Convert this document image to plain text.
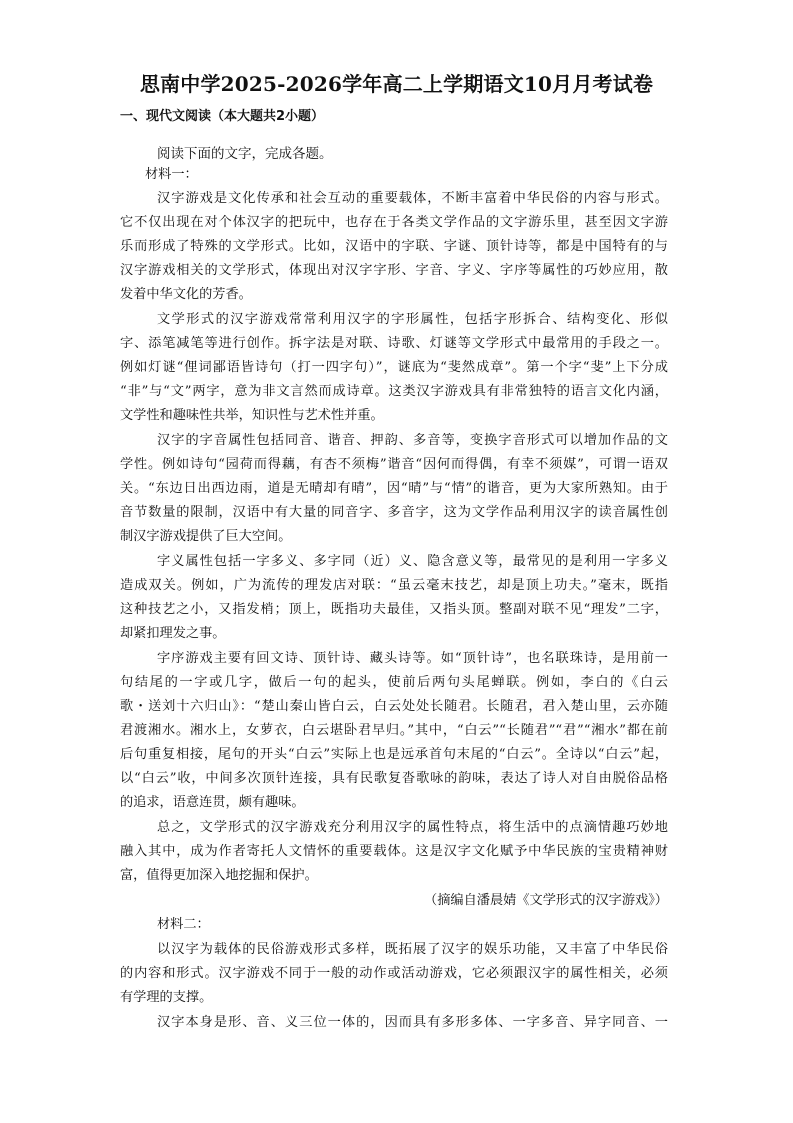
思南中学2025-2026学年高二上学期语文10月月考试卷
一、现代文阅读（本大题共2小题）
阅读下面的文字，完成各题。
材料一：
汉字游戏是文化传承和社会互动的重要载体，不断丰富着中华民俗的内容与形式。
它不仅出现在对个体汉字的把玩中，也存在于各类文学作品的文字游乐里，甚至因文字游
乐而形成了特殊的文学形式。比如，汉语中的字联、字谜、顶针诗等，都是中国特有的与
汉字游戏相关的文学形式，体现出对汉字字形、字音、字义、字序等属性的巧妙应用，散
发着中华文化的芳香。
文学形式的汉字游戏常常利用汉字的字形属性，包括字形拆合、结构变化、形似
字、添笔减笔等进行创作。拆字法是对联、诗歌、灯谜等文学形式中最常用的手段之一。
例如灯谜“俚词鄙语皆诗句（打一四字句）”，谜底为“斐然成章”。第一个字“斐”上下分成
“非”与“文”两字，意为非文言然而成诗章。这类汉字游戏具有非常独特的语言文化内涵，
文学性和趣味性共举，知识性与艺术性并重。
汉字的字音属性包括同音、谐音、押韵、多音等，变换字音形式可以增加作品的文
学性。例如诗句“园荷而得藕，有杏不须梅”谐音“因何而得偶，有幸不须媒”，可谓一语双
关。“东边日出西边雨，道是无晴却有晴”，因“晴”与“情”的谐音，更为大家所熟知。由于
音节数量的限制，汉语中有大量的同音字、多音字，这为文学作品利用汉字的读音属性创
制汉字游戏提供了巨大空间。
字义属性包括一字多义、多字同（近）义、隐含意义等，最常见的是利用一字多义
造成双关。例如，广为流传的理发店对联：“虽云毫末技艺，却是顶上功夫。”毫末，既指
这种技艺之小，又指发梢；顶上，既指功夫最佳，又指头顶。整副对联不见“理发”二字，
却紧扣理发之事。
字序游戏主要有回文诗、顶针诗、藏头诗等。如“顶针诗”，也名联珠诗，是用前一
句结尾的一字或几字，做后一句的起头，使前后两句头尾蝉联。例如，李白的《白云
歌・送刘十六归山》：“楚山秦山皆白云，白云处处长随君。长随君，君入楚山里，云亦随
君渡湘水。湘水上，女萝衣，白云堪卧君早归。”其中，“白云”“长随君”“君”“湘水”都在前
后句重复相接，尾句的开头“白云”实际上也是远承首句末尾的“白云”。全诗以“白云”起，
以“白云”收，中间多次顶针连接，具有民歌复沓歌咏的韵味，表达了诗人对自由脱俗品格
的追求，语意连贯，颇有趣味。
总之，文学形式的汉字游戏充分利用汉字的属性特点，将生活中的点滴情趣巧妙地
融入其中，成为作者寄托人文情怀的重要载体。这是汉字文化赋予中华民族的宝贵精神财
富，值得更加深入地挖掘和保护。
（摘编自潘晨婧《文学形式的汉字游戏》）
材料二：
以汉字为载体的民俗游戏形式多样，既拓展了汉字的娱乐功能，又丰富了中华民俗
的内容和形式。汉字游戏不同于一般的动作或活动游戏，它必须跟汉字的属性相关，必须
有学理的支撑。
汉字本身是形、音、义三位一体的，因而具有多形多体、一字多音、异字同音、一
